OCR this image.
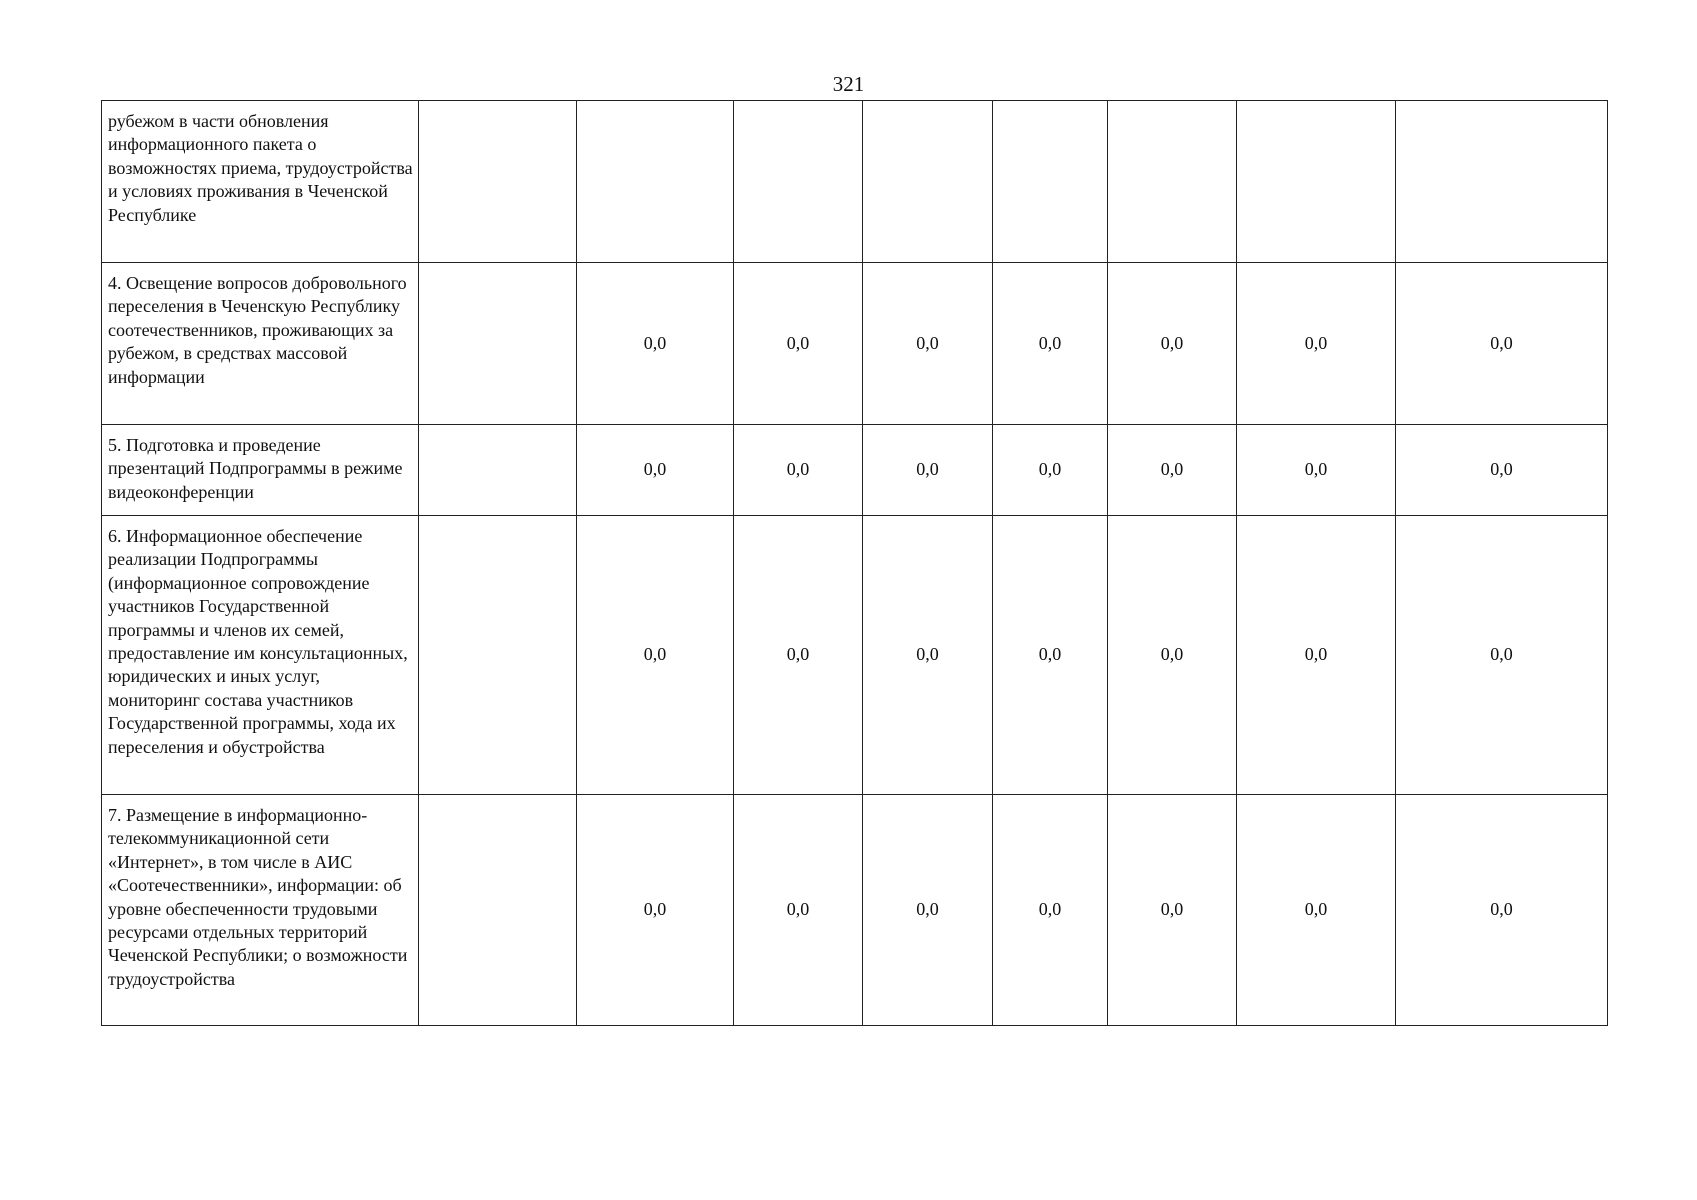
321
рубежом в части обновления информационного пакета о возможностях приема, трудоустройства и условиях проживания в Чеченской Республике								
4. Освещение вопросов добровольного переселения в Чеченскую Республику соотечественников, проживающих за рубежом, в средствах массовой информации		0,0	0,0	0,0	0,0	0,0	0,0	0,0
5. Подготовка и проведение презентаций Подпрограммы в режиме видеоконференции		0,0	0,0	0,0	0,0	0,0	0,0	0,0
6. Информационное обеспечение реализации Подпрограммы (информационное сопровождение участников Государственной программы и членов их семей, предоставление им консультационных, юридических и иных услуг, мониторинг состава участников Государственной программы, хода их переселения и обустройства		0,0	0,0	0,0	0,0	0,0	0,0	0,0
7. Размещение в информационно-телекоммуникационной сети «Интернет», в том числе в АИС «Соотечественники», информации: об уровне обеспеченности трудовыми ресурсами отдельных территорий Чеченской Республики; о возможности трудоустройства		0,0	0,0	0,0	0,0	0,0	0,0	0,0
